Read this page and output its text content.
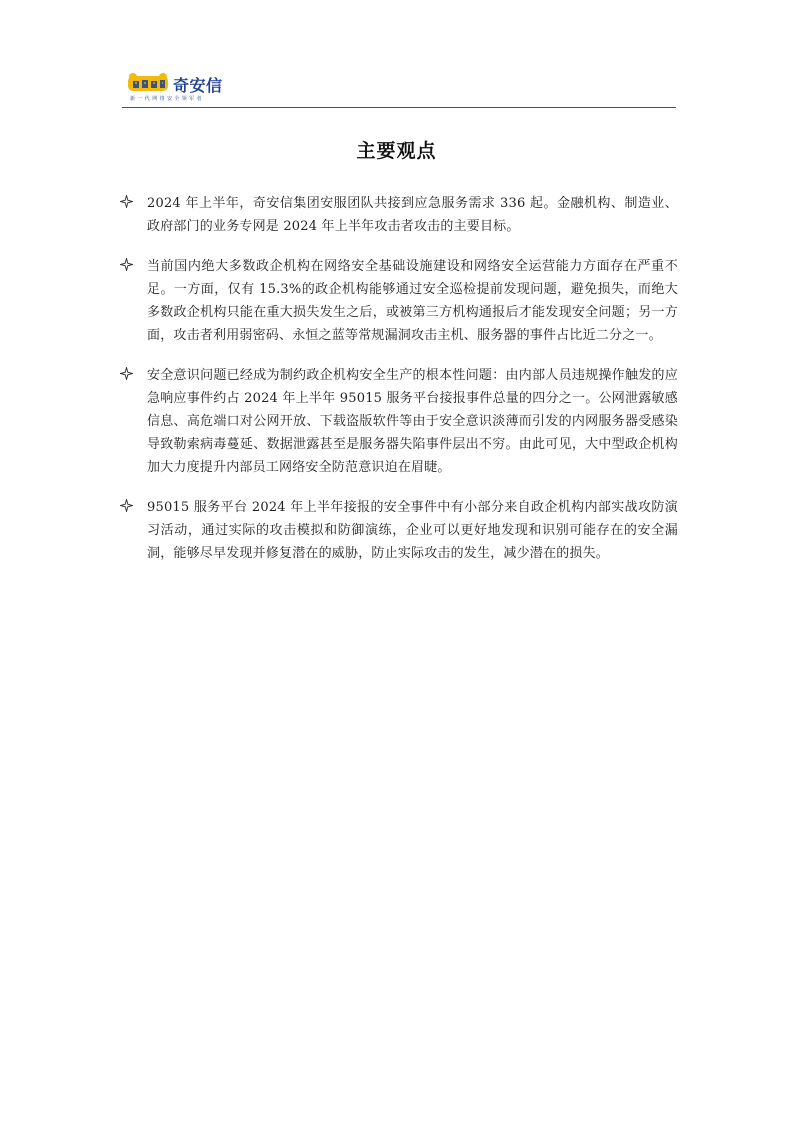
奇安信
新一代网络安全领军者
主要观点
2024 年上半年，奇安信集团安服团队共接到应急服务需求 336 起。金融机构、制造业、政府部门的业务专网是 2024 年上半年攻击者攻击的主要目标。
当前国内绝大多数政企机构在网络安全基础设施建设和网络安全运营能力方面存在严重不足。一方面，仅有 15.3%的政企机构能够通过安全巡检提前发现问题，避免损失，而绝大多数政企机构只能在重大损失发生之后，或被第三方机构通报后才能发现安全问题；另一方面，攻击者利用弱密码、永恒之蓝等常规漏洞攻击主机、服务器的事件占比近二分之一。
安全意识问题已经成为制约政企机构安全生产的根本性问题：由内部人员违规操作触发的应急响应事件约占 2024 年上半年 95015 服务平台接报事件总量的四分之一。公网泄露敏感信息、高危端口对公网开放、下载盗版软件等由于安全意识淡薄而引发的内网服务器受感染导致勒索病毒蔓延、数据泄露甚至是服务器失陷事件层出不穷。由此可见，大中型政企机构加大力度提升内部员工网络安全防范意识迫在眉睫。
95015 服务平台 2024 年上半年接报的安全事件中有小部分来自政企机构内部实战攻防演习活动，通过实际的攻击模拟和防御演练，企业可以更好地发现和识别可能存在的安全漏洞，能够尽早发现并修复潜在的威胁，防止实际攻击的发生，减少潜在的损失。
